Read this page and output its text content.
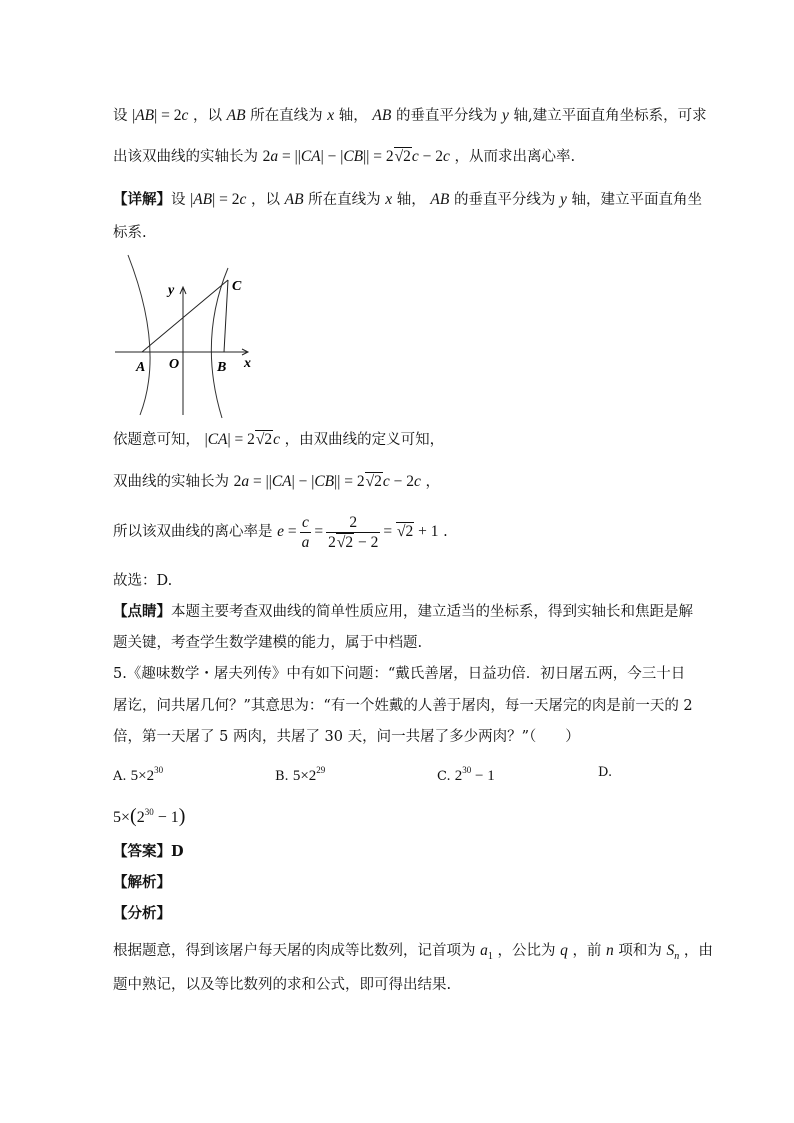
设 |AB| = 2c ，以 AB 所在直线为 x 轴， AB 的垂直平分线为 y 轴,建立平面直角坐标系，可求
出该双曲线的实轴长为 2a = ||CA| − |CB|| = 2√2c − 2c ，从而求出离心率.
【详解】设 |AB| = 2c ，以 AB 所在直线为 x 轴， AB 的垂直平分线为 y 轴，建立平面直角坐
标系.
y	C
A O	B x
依题意可知， |CA| = 2√2c ，由双曲线的定义可知，
双曲线的实轴长为 2a = ||CA| − |CB|| = 2√2c − 2c ，
所以该双曲线的离心率是 $e = \frac{c}{a} = \frac{2}{2√2 - 2} = √2 + 1$ .
故选：D.
【点睛】本题主要考查双曲线的简单性质应用，建立适当的坐标系，得到实轴长和焦距是解
题关键，考查学生数学建模的能力，属于中档题.
5.《趣味数学・屠夫列传》中有如下问题：“戴氏善屠，日益功倍．初日屠五两，今三十日
屠讫，问共屠几何？”其意思为：“有一个姓戴的人善于屠肉，每一天屠完的肉是前一天的 2
倍，第一天屠了 5 两肉，共屠了 30 天，问一共屠了多少两肉？”（　　）
A. $5\times 2^{30}$	B. $5\times 2^{29}$	C. $2^{30} - 1$	D.
$5\times(2^{30} - 1)$
【答案】D
【解析】
【分析】
根据题意，得到该屠户每天屠的肉成等比数列，记首项为 $a_1$ ，公比为 q ，前 n 项和为 $S_n$ ，由
题中熟记，以及等比数列的求和公式，即可得出结果.
